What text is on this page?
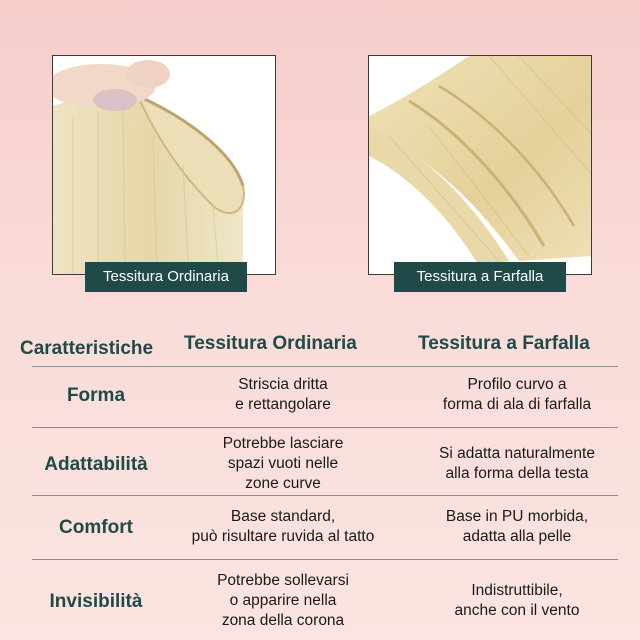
Tessitura Ordinaria	Tessitura a Farfalla
Caratteristiche Tessitura Ordinaria	Tessitura a Farfalla
Forma
Striscia dritta
e rettangolare
Profilo curvo a
forma di ala di farfalla
Adattabilità
Potrebbe lasciare
spazi vuoti nelle
zone curve
Si adatta naturalmente
alla forma della testa
Comfort
Base standard,
può risultare ruvida al tatto
Base in PU morbida,
adatta alla pelle
Invisibilità
Potrebbe sollevarsi
o apparire nella
zona della corona
Indistruttibile,
anche con il vento
